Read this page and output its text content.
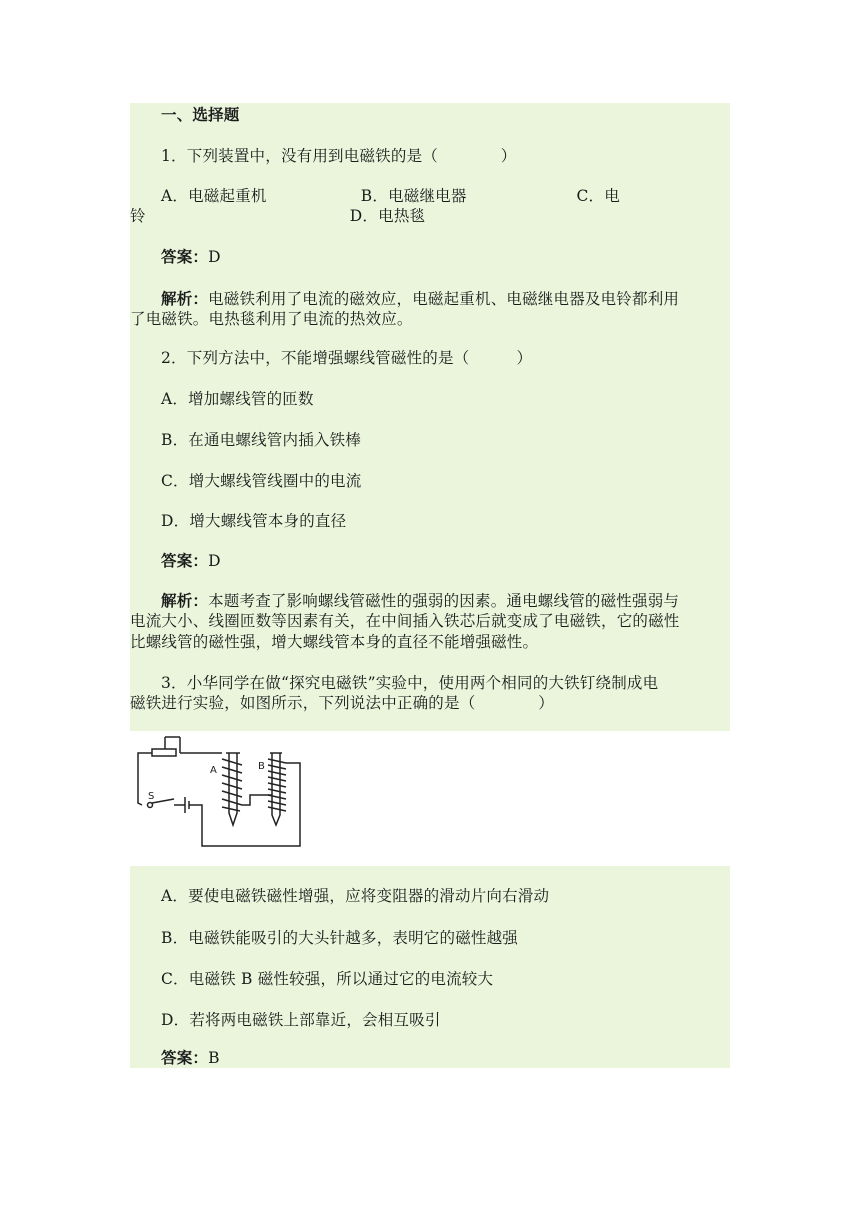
一、选择题
1．下列装置中，没有用到电磁铁的是（　　　　）
A．电磁起重机　　　　　　B．电磁继电器　　　　　　　C．电
铃　　　　　　　　　　　　　D．电热毯
答案：D
解析：电磁铁利用了电流的磁效应，电磁起重机、电磁继电器及电铃都利用
了电磁铁。电热毯利用了电流的热效应。
2．下列方法中，不能增强螺线管磁性的是（　　　）
A．增加螺线管的匝数
B．在通电螺线管内插入铁棒
C．增大螺线管线圈中的电流
D．增大螺线管本身的直径
答案：D
解析：本题考查了影响螺线管磁性的强弱的因素。通电螺线管的磁性强弱与
电流大小、线圈匝数等因素有关，在中间插入铁芯后就变成了电磁铁，它的磁性
比螺线管的磁性强，增大螺线管本身的直径不能增强磁性。
3．小华同学在做“探究电磁铁”实验中，使用两个相同的大铁钉绕制成电
磁铁进行实验，如图所示，下列说法中正确的是（　　　　）
A	B
S
A．要使电磁铁磁性增强，应将变阻器的滑动片向右滑动
B．电磁铁能吸引的大头针越多，表明它的磁性越强
C．电磁铁 B 磁性较强，所以通过它的电流较大
D．若将两电磁铁上部靠近，会相互吸引
答案：B
